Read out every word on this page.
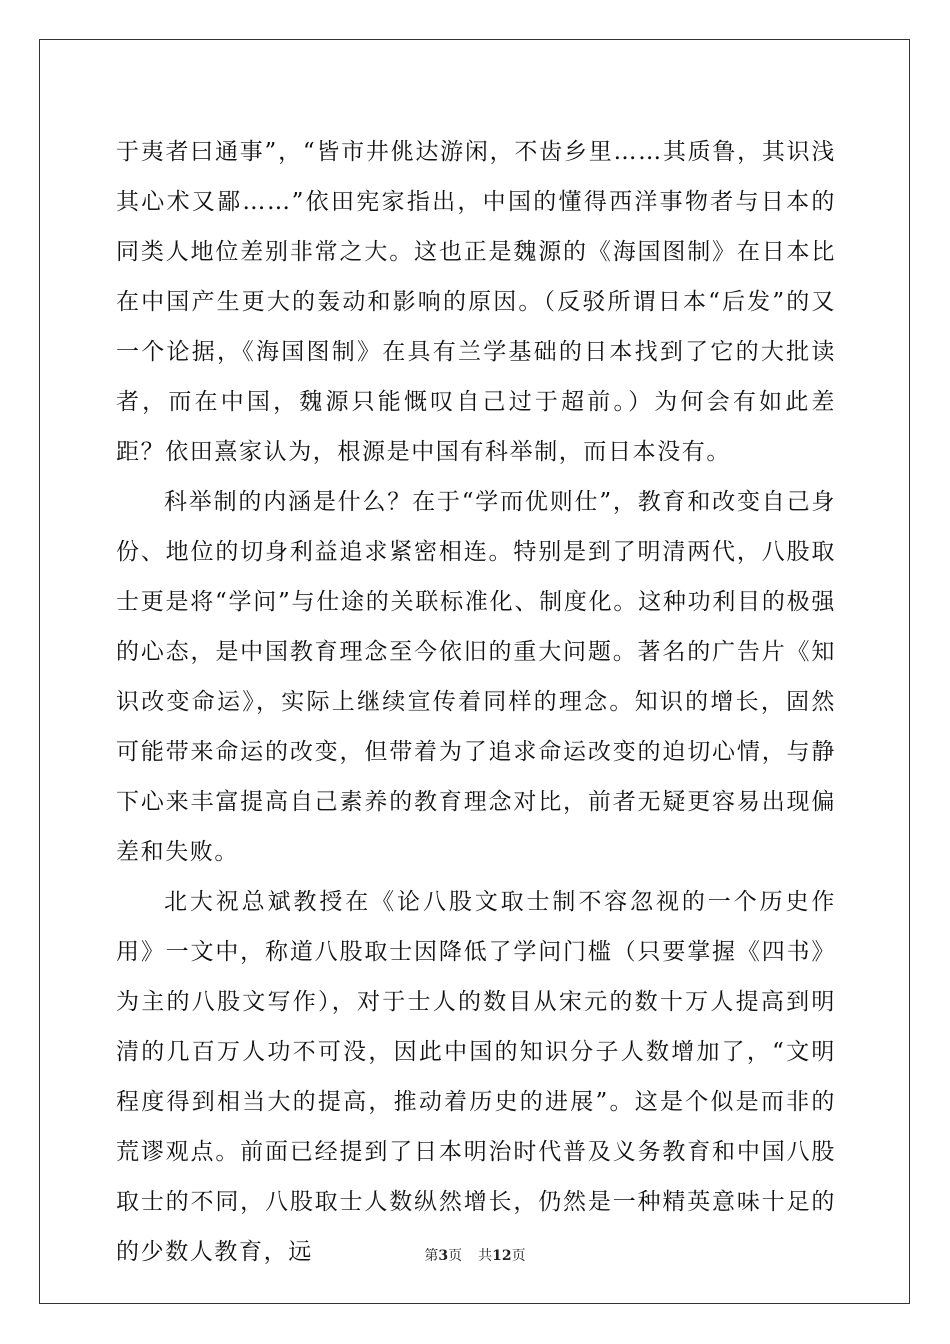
于夷者曰通事”，“皆市井佻达游闲，不齿乡里……其质鲁，其识浅其心术又鄙……”依田宪家指出，中国的懂得西洋事物者与日本的同类人地位差别非常之大。这也正是魏源的《海国图制》在日本比在中国产生更大的轰动和影响的原因。（反驳所谓日本“后发”的又一个论据，《海国图制》在具有兰学基础的日本找到了它的大批读者，而在中国，魏源只能慨叹自己过于超前。）为何会有如此差距？依田熹家认为，根源是中国有科举制，而日本没有。

科举制的内涵是什么？在于“学而优则仕”，教育和改变自己身份、地位的切身利益追求紧密相连。特别是到了明清两代，八股取士更是将“学问”与仕途的关联标准化、制度化。这种功利目的极强的心态，是中国教育理念至今依旧的重大问题。著名的广告片《知识改变命运》，实际上继续宣传着同样的理念。知识的增长，固然可能带来命运的改变，但带着为了追求命运改变的迫切心情，与静下心来丰富提高自己素养的教育理念对比，前者无疑更容易出现偏差和失败。

北大祝总斌教授在《论八股文取士制不容忽视的一个历史作用》一文中，称道八股取士因降低了学问门槛（只要掌握《四书》为主的八股文写作），对于士人的数目从宋元的数十万人提高到明清的几百万人功不可没，因此中国的知识分子人数增加了，“文明程度得到相当大的提高，推动着历史的进展”。这是个似是而非的荒谬观点。前面已经提到了日本明治时代普及义务教育和中国八股取士的不同，八股取士人数纵然增长，仍然是一种精英意味十足的的少数人教育，远	第3页 共12页
